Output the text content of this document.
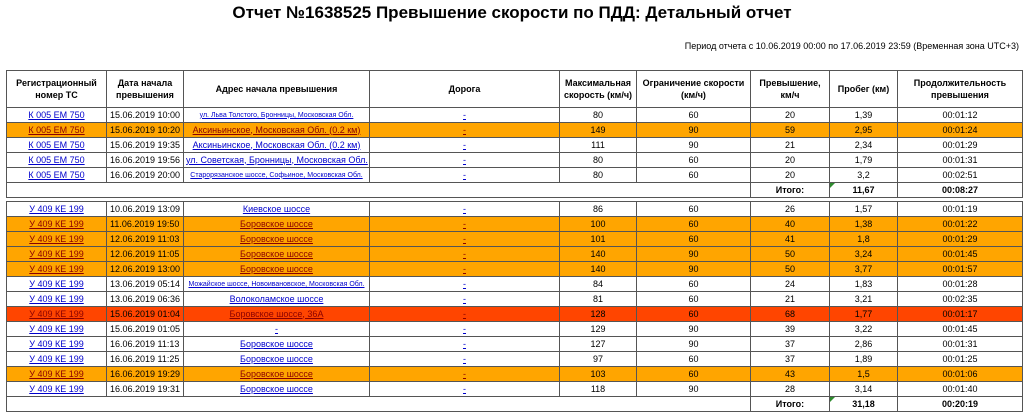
Отчет №1638525 Превышение скорости по ПДД: Детальный отчет
Период отчета с 10.06.2019 00:00 по 17.06.2019 23:59 (Временная зона UTC+3)
Регистрационный номер ТС	Дата начала превышения	Адрес начала превышения	Дорога	Максимальная скорость (км/ч)	Ограничение скорости (км/ч)	Превышение, км/ч	Пробег (км)	Продолжительность превышения
К 005 ЕМ 750	15.06.2019 10:00	ул. Льва Толстого, Бронницы, Московская Обл.	-	80	60	20	1,39	00:01:12
К 005 ЕМ 750	15.06.2019 10:20	Аксиньинское, Московская Обл. (0.2 км)	-	149	90	59	2,95	00:01:24
К 005 ЕМ 750	15.06.2019 19:35	Аксиньинское, Московская Обл. (0.2 км)	-	111	90	21	2,34	00:01:29
К 005 ЕМ 750	16.06.2019 19:56	ул. Советская, Бронницы, Московская Обл.	-	80	60	20	1,79	00:01:31
К 005 ЕМ 750	16.06.2019 20:00	Старорязанское шоссе, Софьиное, Московская Обл.	-	80	60	20	3,2	00:02:51
						Итого:	11,67	00:08:27

У 409 КЕ 199	10.06.2019 13:09	Киевское шоссе	-	86	60	26	1,57	00:01:19
У 409 КЕ 199	11.06.2019 19:50	Боровское шоссе	-	100	60	40	1,38	00:01:22
У 409 КЕ 199	12.06.2019 11:03	Боровское шоссе	-	101	60	41	1,8	00:01:29
У 409 КЕ 199	12.06.2019 11:05	Боровское шоссе	-	140	90	50	3,24	00:01:45
У 409 КЕ 199	12.06.2019 13:00	Боровское шоссе	-	140	90	50	3,77	00:01:57
У 409 КЕ 199	13.06.2019 05:14	Можайское шоссе, Новоивановское, Московская Обл.	-	84	60	24	1,83	00:01:28
У 409 КЕ 199	13.06.2019 06:36	Волоколамское шоссе	-	81	60	21	3,21	00:02:35
У 409 КЕ 199	15.06.2019 01:04	Боровское шоссе, 36А	-	128	60	68	1,77	00:01:17
У 409 КЕ 199	15.06.2019 01:05	-	-	129	90	39	3,22	00:01:45
У 409 КЕ 199	16.06.2019 11:13	Боровское шоссе	-	127	90	37	2,86	00:01:31
У 409 КЕ 199	16.06.2019 11:25	Боровское шоссе	-	97	60	37	1,89	00:01:25
У 409 КЕ 199	16.06.2019 19:29	Боровское шоссе	-	103	60	43	1,5	00:01:06
У 409 КЕ 199	16.06.2019 19:31	Боровское шоссе	-	118	90	28	3,14	00:01:40
						Итого:	31,18	00:20:19
